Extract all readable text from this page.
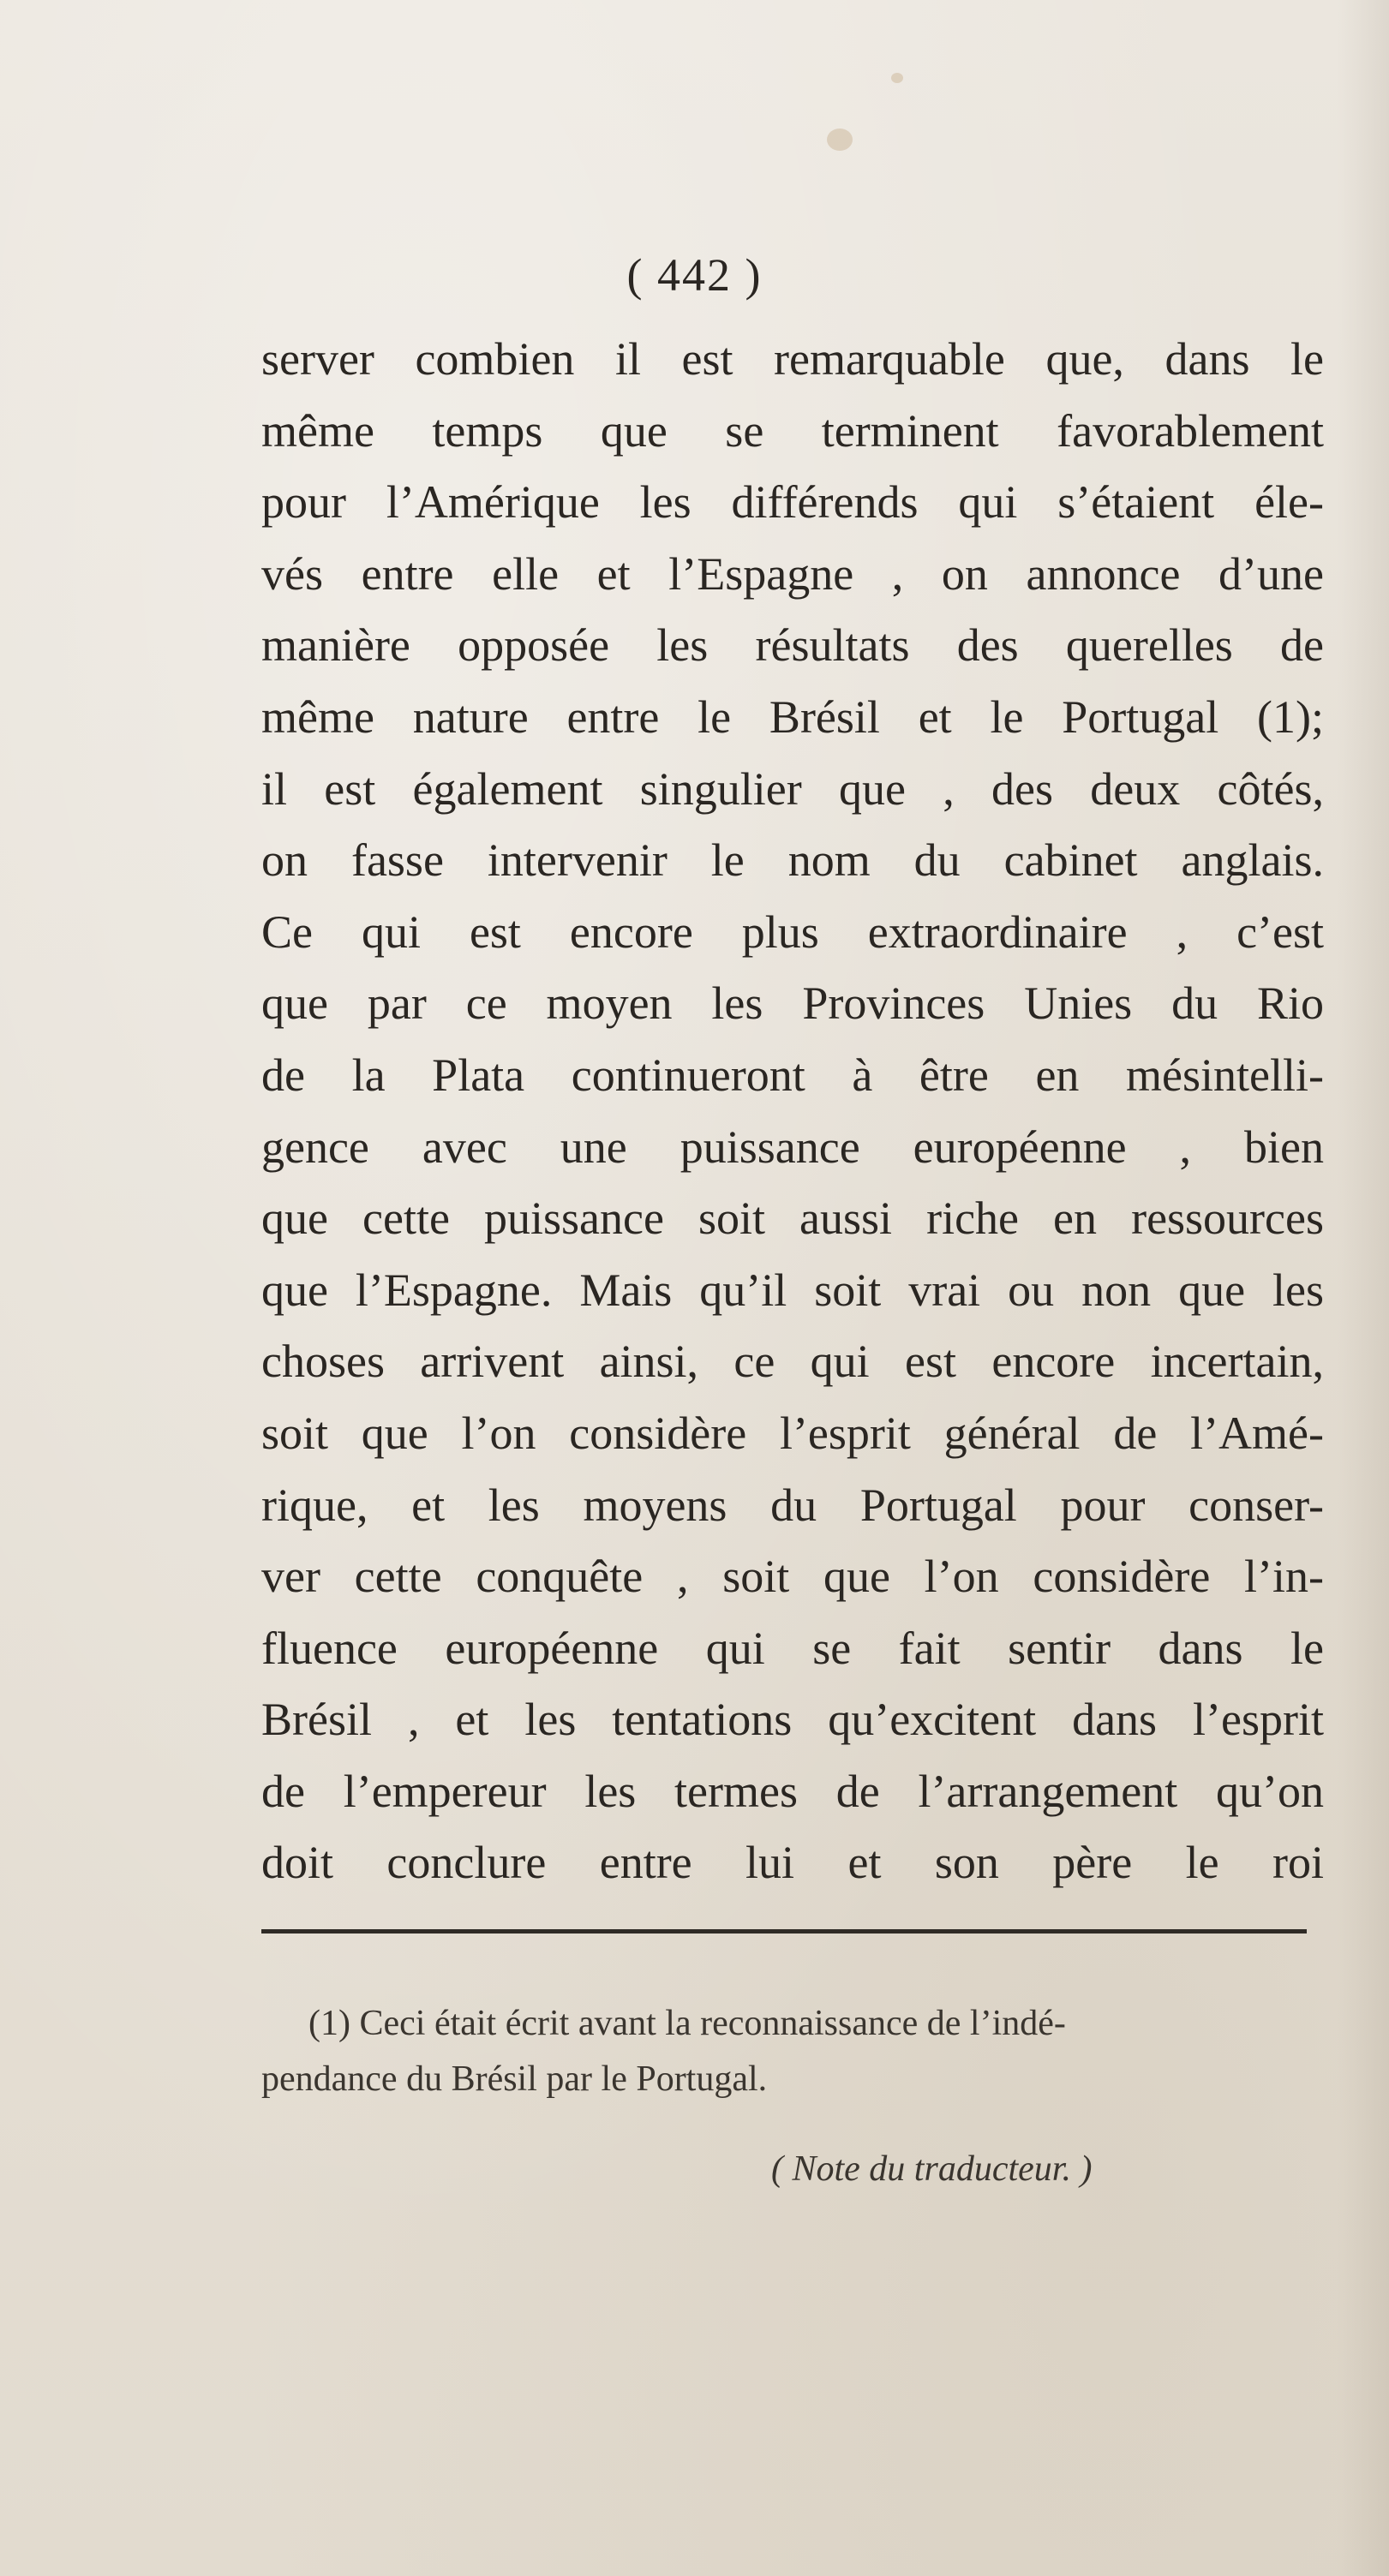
( 442 )
server combien il est remarquable que, dans le
même temps que se terminent favorablement
pour l’Amérique les différends qui s’étaient éle-
vés entre elle et l’Espagne , on annonce d’une
manière opposée les résultats des querelles de
même nature entre le Brésil et le Portugal (1);
il est également singulier que , des deux côtés,
on fasse intervenir le nom du cabinet anglais.
Ce qui est encore plus extraordinaire , c’est
que par ce moyen les Provinces Unies du Rio
de la Plata continueront à être en mésintelli-
gence avec une puissance européenne , bien
que cette puissance soit aussi riche en ressources
que l’Espagne. Mais qu’il soit vrai ou non que les
choses arrivent ainsi, ce qui est encore incertain,
soit que l’on considère l’esprit général de l’Amé-
rique, et les moyens du Portugal pour conser-
ver cette conquête , soit que l’on considère l’in-
fluence européenne qui se fait sentir dans le
Brésil , et les tentations qu’excitent dans l’esprit
de l’empereur les termes de l’arrangement qu’on
doit conclure entre lui et son père le roi
(1) Ceci était écrit avant la reconnaissance de l’indé-
pendance du Brésil par le Portugal.
( Note du traducteur. )
